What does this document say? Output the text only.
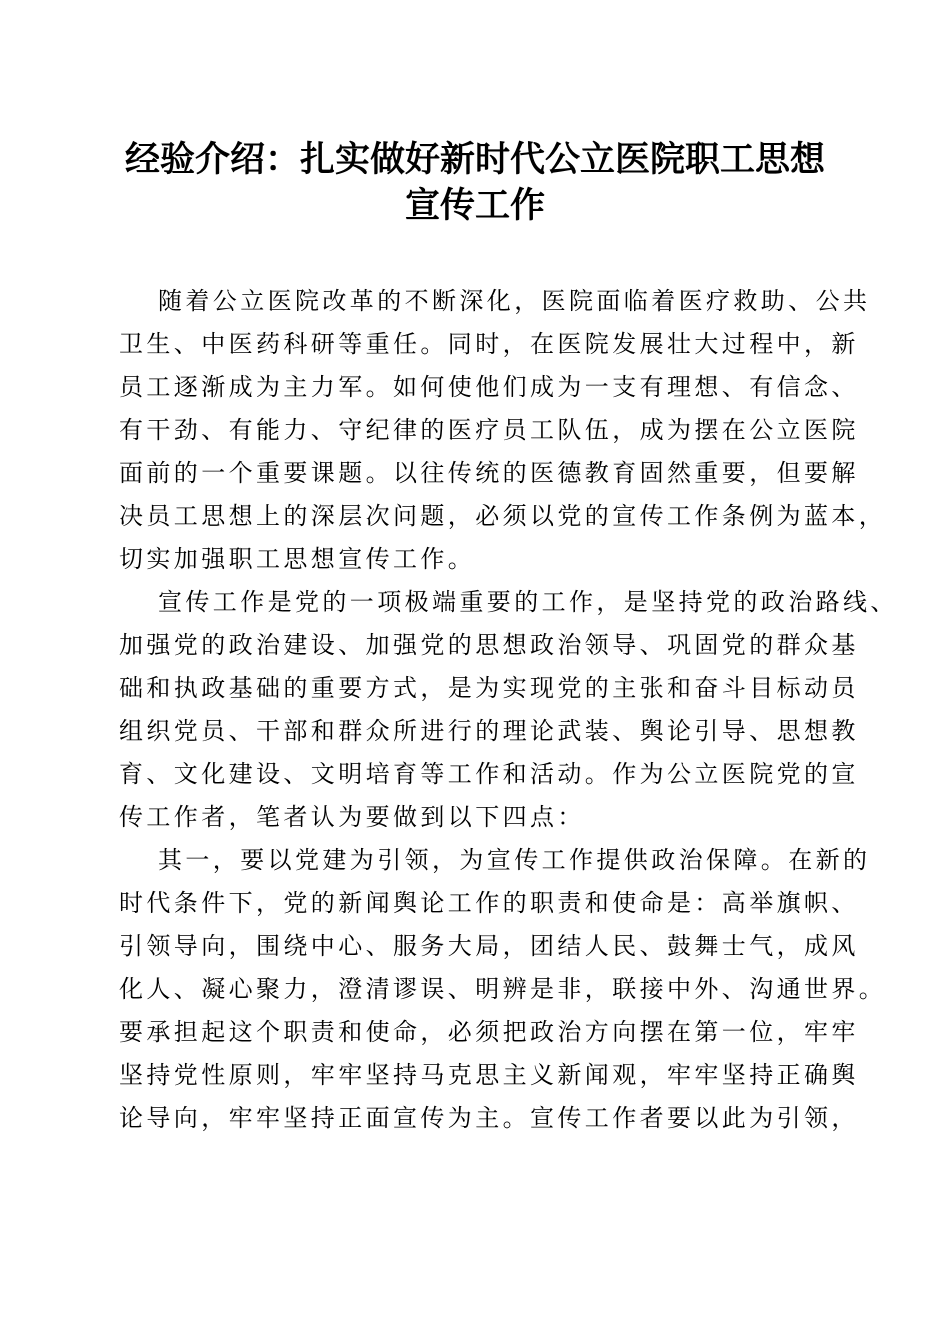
经验介绍：扎实做好新时代公立医院职工思想
宣传工作

随着公立医院改革的不断深化，医院面临着医疗救助、公共
卫生、中医药科研等重任。同时，在医院发展壮大过程中，新
员工逐渐成为主力军。如何使他们成为一支有理想、有信念、
有干劲、有能力、守纪律的医疗员工队伍，成为摆在公立医院
面前的一个重要课题。以往传统的医德教育固然重要，但要解
决员工思想上的深层次问题，必须以党的宣传工作条例为蓝本，
切实加强职工思想宣传工作。

宣传工作是党的一项极端重要的工作，是坚持党的政治路线、
加强党的政治建设、加强党的思想政治领导、巩固党的群众基
础和执政基础的重要方式，是为实现党的主张和奋斗目标动员
组织党员、干部和群众所进行的理论武装、舆论引导、思想教
育、文化建设、文明培育等工作和活动。作为公立医院党的宣
传工作者，笔者认为要做到以下四点：

其一，要以党建为引领，为宣传工作提供政治保障。在新的
时代条件下，党的新闻舆论工作的职责和使命是：高举旗帜、
引领导向，围绕中心、服务大局，团结人民、鼓舞士气，成风
化人、凝心聚力，澄清谬误、明辨是非，联接中外、沟通世界。
要承担起这个职责和使命，必须把政治方向摆在第一位，牢牢
坚持党性原则，牢牢坚持马克思主义新闻观，牢牢坚持正确舆
论导向，牢牢坚持正面宣传为主。宣传工作者要以此为引领，
